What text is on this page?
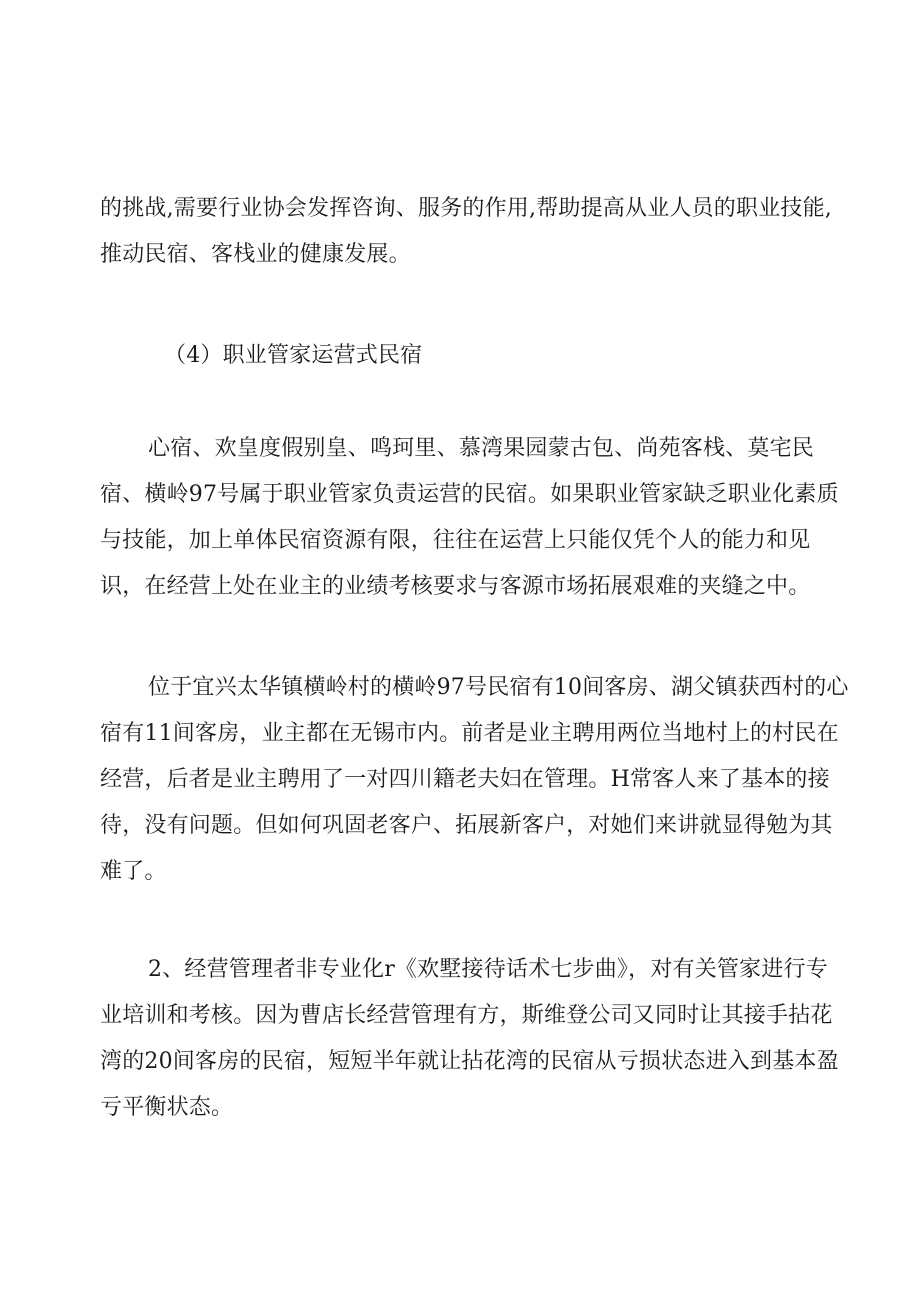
的挑战,需要行业协会发挥咨询、服务的作用,帮助提高从业人员的职业技能,
推动民宿、客栈业的健康发展。
（4）职业管家运营式民宿
心宿、欢皇度假别皇、鸣珂里、慕湾果园蒙古包、尚苑客栈、莫宅民
宿、横岭97号属于职业管家负责运营的民宿。如果职业管家缺乏职业化素质
与技能，加上单体民宿资源有限，往往在运营上只能仅凭个人的能力和见
识，在经营上处在业主的业绩考核要求与客源市场拓展艰难的夹缝之中。
位于宜兴太华镇横岭村的横岭97号民宿有10间客房、湖父镇获西村的心
宿有11间客房，业主都在无锡市内。前者是业主聘用两位当地村上的村民在
经营，后者是业主聘用了一对四川籍老夫妇在管理。H常客人来了基本的接
待，没有问题。但如何巩固老客户、拓展新客户，对她们来讲就显得勉为其
难了。
2、经营管理者非专业化r《欢墅接待话术七步曲》，对有关管家进行专
业培训和考核。因为曹店长经营管理有方，斯维登公司又同时让其接手拈花
湾的20间客房的民宿，短短半年就让拈花湾的民宿从亏损状态进入到基本盈
亏平衡状态。
